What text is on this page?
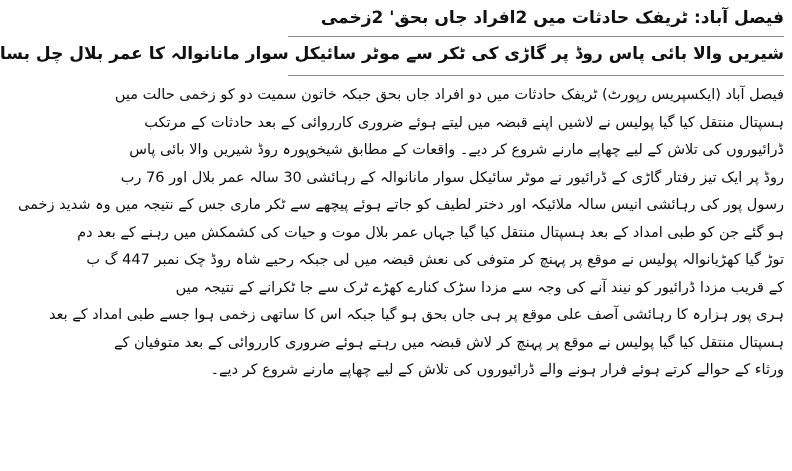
فیصل آباد: ٹریفک حادثات میں 2افراد جاں بحق' 2زخمی
شیریں والا بائی پاس روڈ پر گاڑی کی ٹکر سے موٹر سائیکل سوار مانانوالہ کا عمر بلال چل بسا
فیصل آباد (ایکسپریس رپورٹ) ٹریفک حادثات میں دو افراد جاں بحق جبکہ خاتون سمیت دو کو زخمی حالت میں
ہسپتال منتقل کیا گیا پولیس نے لاشیں اپنے قبضہ میں لیتے ہوئے ضروری کارروائی کے بعد حادثات کے مرتکب
ڈرائیوروں کی تلاش کے لیے چھاپے مارنے شروع کر دیے۔ واقعات کے مطابق شیخوپورہ روڈ شیریں والا بائی پاس
روڈ پر ایک تیز رفتار گاڑی کے ڈرائیور نے موٹر سائیکل سوار مانانوالہ کے رہائشی 30 سالہ عمر بلال اور 76 رب
رسول پور کی رہائشی انیس سالہ ملائیکہ اور دختر لطیف کو جاتے ہوئے پیچھے سے ٹکر ماری جس کے نتیجہ میں وہ شدید زخمی
ہو گئے جن کو طبی امداد کے بعد ہسپتال منتقل کیا گیا جہاں عمر بلال موت و حیات کی کشمکش میں رہنے کے بعد دم
توڑ گیا کھڑیانوالہ پولیس نے موقع پر پہنچ کر متوفی کی نعش قبضہ میں لی جبکہ رحیے شاہ روڈ چک نمبر 447 گ ب
کے قریب مزدا ڈرائیور کو نیند آنے کی وجہ سے مزدا سڑک کنارے کھڑے ٹرک سے جا ٹکرانے کے نتیجہ میں
ہری پور ہزارہ کا رہائشی آصف علی موقع پر ہی جاں بحق ہو گیا جبکہ اس کا ساتھی زخمی ہوا جسے طبی امداد کے بعد
ہسپتال منتقل کیا گیا پولیس نے موقع پر پہنچ کر لاش قبضہ میں رہتے ہوئے ضروری کارروائی کے بعد متوفیان کے
ورثاء کے حوالے کرتے ہوئے فرار ہونے والے ڈرائیوروں کی تلاش کے لیے چھاپے مارنے شروع کر دیے۔
